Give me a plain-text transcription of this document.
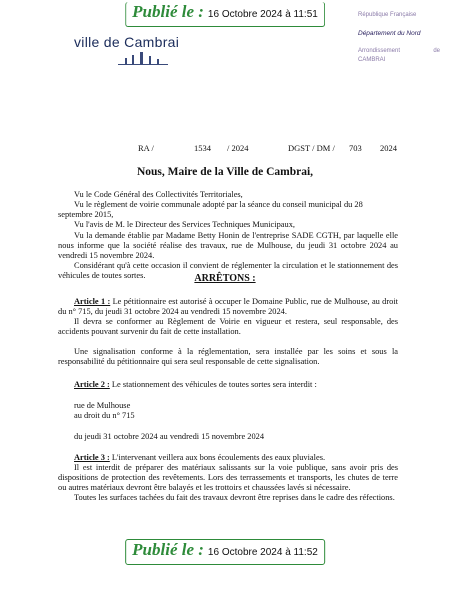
Publié le : 16 Octobre 2024 à 11:51
ville de Cambrai
République Française
Département du Nord
Arrondissement de
CAMBRAI
RA /	1534 / 2024	DGST / DM / 703 2024
Nous, Maire de la Ville de Cambrai,

Vu le Code Général des Collectivités Territoriales,

Vu le règlement de voirie communale adopté par la séance du conseil municipal du 28 septembre 2015,

Vu l'avis de M. le Directeur des Services Techniques Municipaux,

Vu la demande établie par Madame Betty Honin de l'entreprise SADE CGTH, par laquelle elle nous informe que la société réalise des travaux, rue de Mulhouse, du jeudi 31 octobre 2024 au vendredi 15 novembre 2024.

Considérant qu'à cette occasion il convient de réglementer la circulation et le stationnement des véhicules de toutes sortes.	ARRÊTONS :

Article 1 : Le pétitionnaire est autorisé à occuper le Domaine Public, rue de Mulhouse, au droit du n° 715, du jeudi 31 octobre 2024 au vendredi 15 novembre 2024.

Il devra se conformer au Règlement de Voirie en vigueur et restera, seul responsable, des accidents pouvant survenir du fait de cette installation.

Une signalisation conforme à la réglementation, sera installée par les soins et sous la responsabilité du pétitionnaire qui sera seul responsable de cette signalisation.

Article 2 : Le stationnement des véhicules de toutes sortes sera interdit :

rue de Mulhouse

au droit du n° 715

du jeudi 31 octobre 2024 au vendredi 15 novembre 2024

Article 3 : L'intervenant veillera aux bons écoulements des eaux pluviales.

Il est interdit de préparer des matériaux salissants sur la voie publique, sans avoir pris des dispositions de protection des revêtements. Lors des terrassements et transports, les chutes de terre ou autres matériaux devront être balayés et les trottoirs et chaussées lavés si nécessaire.

Toutes les surfaces tachées du fait des travaux devront être reprises dans le cadre des réfections.

Publié le : 16 Octobre 2024 à 11:52
